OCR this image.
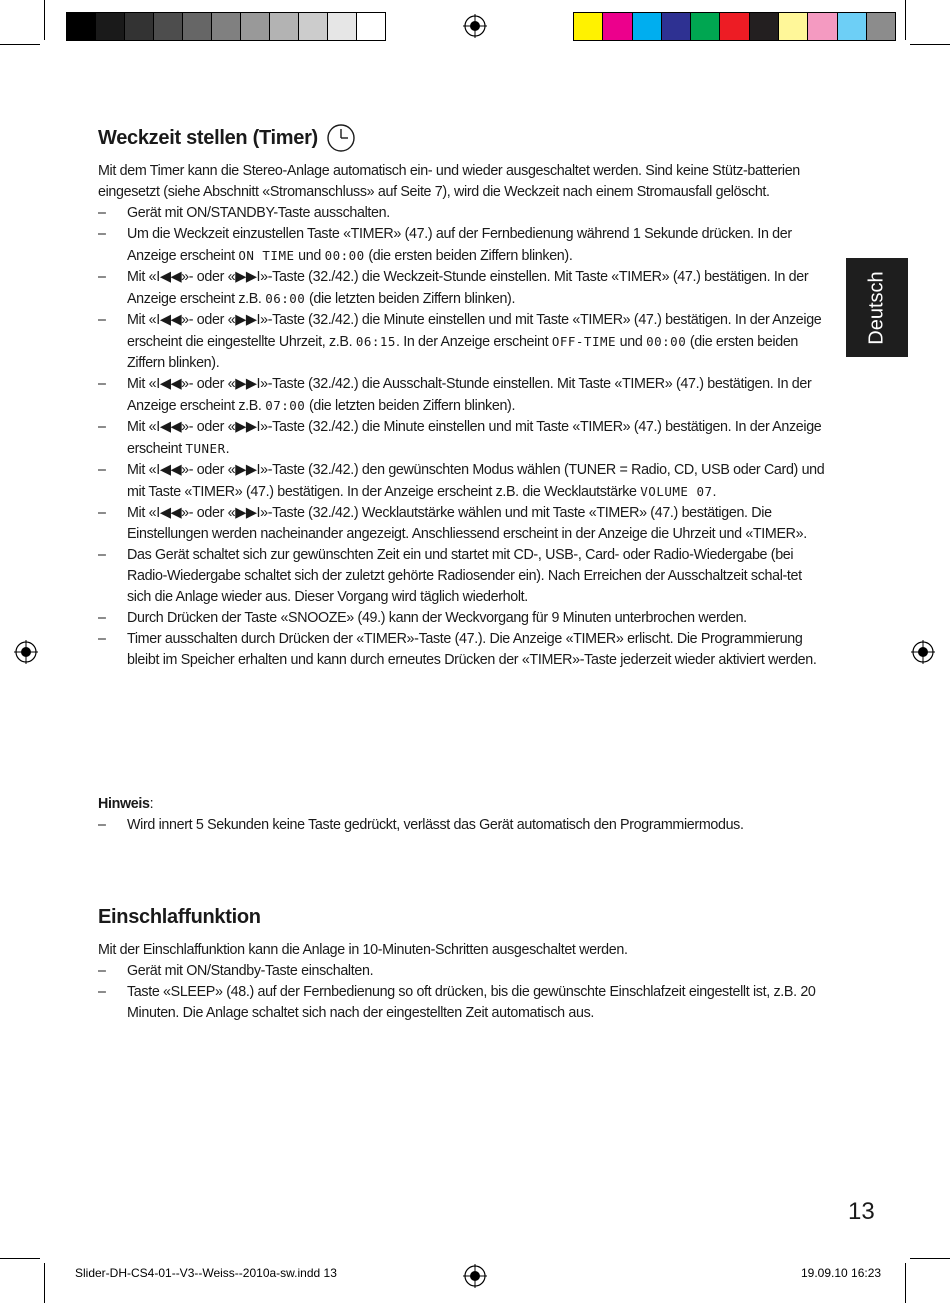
Deutsch
Weckzeit stellen (Timer)

Mit dem Timer kann die Stereo-Anlage automatisch ein- und wieder ausgeschaltet werden. Sind keine Stütz-batterien eingesetzt (siehe Abschnitt «Stromanschluss» auf Seite 7), wird die Weckzeit nach einem Stromausfall gelöscht.

– Gerät mit ON/STANDBY-Taste ausschalten.
– Um die Weckzeit einzustellen Taste «TIMER» (47.) auf der Fernbedienung während 1 Sekunde drücken. In der Anzeige erscheint ON TIME und 00:00 (die ersten beiden Ziffern blinken).
– Mit «I◀◀»- oder «▶▶I»-Taste (32./42.) die Weckzeit-Stunde einstellen. Mit Taste «TIMER» (47.) bestätigen. In der Anzeige erscheint z.B. 06:00 (die letzten beiden Ziffern blinken).
– Mit «I◀◀»- oder «▶▶I»-Taste (32./42.) die Minute einstellen und mit Taste «TIMER» (47.) bestätigen. In der Anzeige erscheint die eingestellte Uhrzeit, z.B. 06:15. In der Anzeige erscheint OFF-TIME und 00:00 (die ersten beiden Ziffern blinken).
– Mit «I◀◀»- oder «▶▶I»-Taste (32./42.) die Ausschalt-Stunde einstellen. Mit Taste «TIMER» (47.) bestätigen. In der Anzeige erscheint z.B. 07:00 (die letzten beiden Ziffern blinken).
– Mit «I◀◀»- oder «▶▶I»-Taste (32./42.) die Minute einstellen und mit Taste «TIMER» (47.) bestätigen. In der Anzeige erscheint TUNER.
– Mit «I◀◀»- oder «▶▶I»-Taste (32./42.) den gewünschten Modus wählen (TUNER = Radio, CD, USB oder Card) und mit Taste «TIMER» (47.) bestätigen. In der Anzeige erscheint z.B. die Wecklautstärke VOLUME 07.
– Mit «I◀◀»- oder «▶▶I»-Taste (32./42.) Wecklautstärke wählen und mit Taste «TIMER» (47.) bestätigen. Die Einstellungen werden nacheinander angezeigt. Anschliessend erscheint in der Anzeige die Uhrzeit und «TIMER».
– Das Gerät schaltet sich zur gewünschten Zeit ein und startet mit CD-, USB-, Card- oder Radio-Wiedergabe (bei Radio-Wiedergabe schaltet sich der zuletzt gehörte Radiosender ein). Nach Erreichen der Ausschaltzeit schal-tet sich die Anlage wieder aus. Dieser Vorgang wird täglich wiederholt.
– Durch Drücken der Taste «SNOOZE» (49.) kann der Weckvorgang für 9 Minuten unterbrochen werden.
– Timer ausschalten durch Drücken der «TIMER»-Taste (47.). Die Anzeige «TIMER» erlischt. Die Programmierung bleibt im Speicher erhalten und kann durch erneutes Drücken der «TIMER»-Taste jederzeit wieder aktiviert werden.

Hinweis:

– Wird innert 5 Sekunden keine Taste gedrückt, verlässt das Gerät automatisch den Programmiermodus.
Einschlaffunktion

Mit der Einschlaffunktion kann die Anlage in 10-Minuten-Schritten ausgeschaltet werden.

– Gerät mit ON/Standby-Taste einschalten.
– Taste «SLEEP» (48.) auf der Fernbedienung so oft drücken, bis die gewünschte Einschlafzeit eingestellt ist, z.B. 20 Minuten. Die Anlage schaltet sich nach der eingestellten Zeit automatisch aus.
13
Slider-DH-CS4-01--V3--Weiss--2010a-sw.indd 13	19.09.10 16:23
